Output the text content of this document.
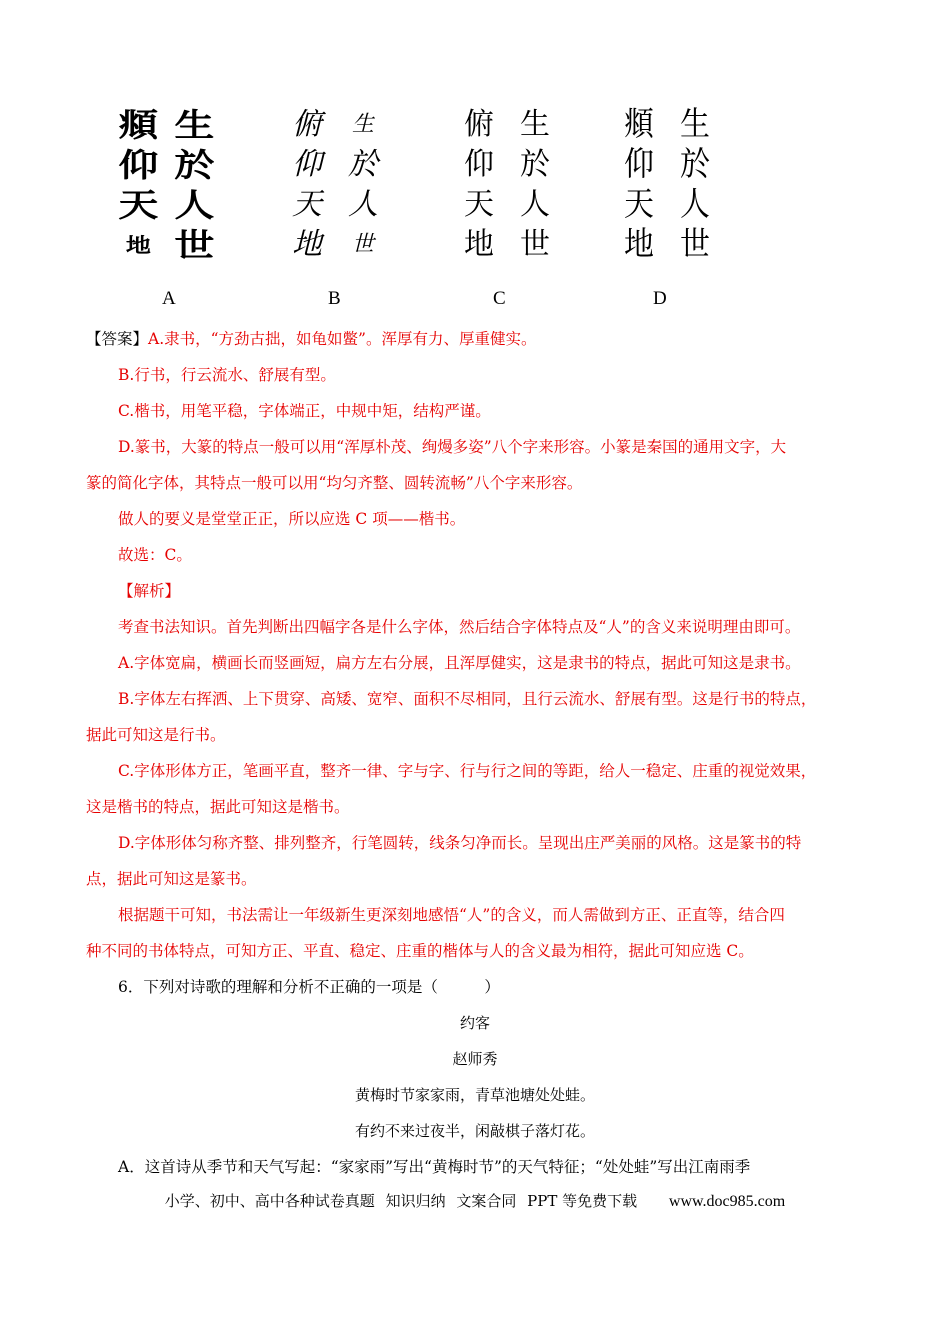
頫
仰
天
地
生
於
人
世
俯
仰
天
地
生
於
人
世
俯
仰
天
地
生
於
人
世
頫
仰
天
地
生
於
人
世
A	B	C	D
【答案】A.隶书，“方劲古拙，如龟如鳖”。浑厚有力、厚重健实。
B.行书，行云流水、舒展有型。
C.楷书，用笔平稳，字体端正，中规中矩，结构严谨。
D.篆书，大篆的特点一般可以用“浑厚朴茂、绚熳多姿”八个字来形容。小篆是秦国的通用文字，大
篆的简化字体，其特点一般可以用“均匀齐整、圆转流畅”八个字来形容。
做人的要义是堂堂正正，所以应选 C 项——楷书。
故选：C。
【解析】
考查书法知识。首先判断出四幅字各是什么字体，然后结合字体特点及“人”的含义来说明理由即可。
A.字体宽扁，横画长而竖画短，扁方左右分展，且浑厚健实，这是隶书的特点，据此可知这是隶书。
B.字体左右挥洒、上下贯穿、高矮、宽窄、面积不尽相同，且行云流水、舒展有型。这是行书的特点，
据此可知这是行书。
C.字体形体方正，笔画平直，整齐一律、字与字、行与行之间的等距，给人一稳定、庄重的视觉效果，
这是楷书的特点，据此可知这是楷书。
D.字体形体匀称齐整、排列整齐，行笔圆转，线条匀净而长。呈现出庄严美丽的风格。这是篆书的特
点，据此可知这是篆书。
根据题干可知，书法需让一年级新生更深刻地感悟“人”的含义，而人需做到方正、正直等，结合四
种不同的书体特点，可知方正、平直、稳定、庄重的楷体与人的含义最为相符，据此可知应选 C。
6．下列对诗歌的理解和分析不正确的一项是（　　　）
约客
赵师秀
黄梅时节家家雨，青草池塘处处蛙。
有约不来过夜半，闲敲棋子落灯花。
A．这首诗从季节和天气写起：“家家雨”写出“黄梅时节”的天气特征；“处处蛙”写出江南雨季
小学、初中、高中各种试卷真题 知识归纳 文案合同 PPT 等免费下载 www.doc985.com
